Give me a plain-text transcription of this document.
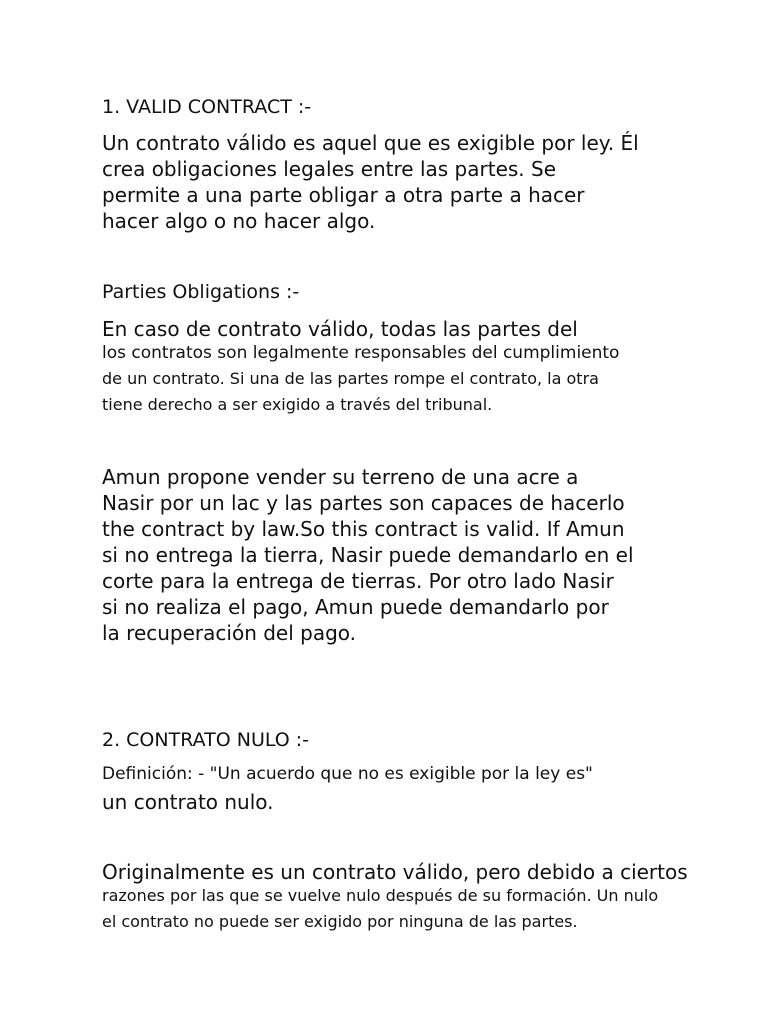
1. VALID CONTRACT :-
Un contrato válido es aquel que es exigible por ley. Él
crea obligaciones legales entre las partes. Se
permite a una parte obligar a otra parte a hacer
hacer algo o no hacer algo.
Parties Obligations :-
En caso de contrato válido, todas las partes del
los contratos son legalmente responsables del cumplimiento
de un contrato. Si una de las partes rompe el contrato, la otra
tiene derecho a ser exigido a través del tribunal.
Amun propone vender su terreno de una acre a
Nasir por un lac y las partes son capaces de hacerlo
the contract by law.So this contract is valid. If Amun
si no entrega la tierra, Nasir puede demandarlo en el
corte para la entrega de tierras. Por otro lado Nasir
si no realiza el pago, Amun puede demandarlo por
la recuperación del pago.
2. CONTRATO NULO :-
Definición: - "Un acuerdo que no es exigible por la ley es"
un contrato nulo.
Originalmente es un contrato válido, pero debido a ciertos
razones por las que se vuelve nulo después de su formación. Un nulo
el contrato no puede ser exigido por ninguna de las partes.
